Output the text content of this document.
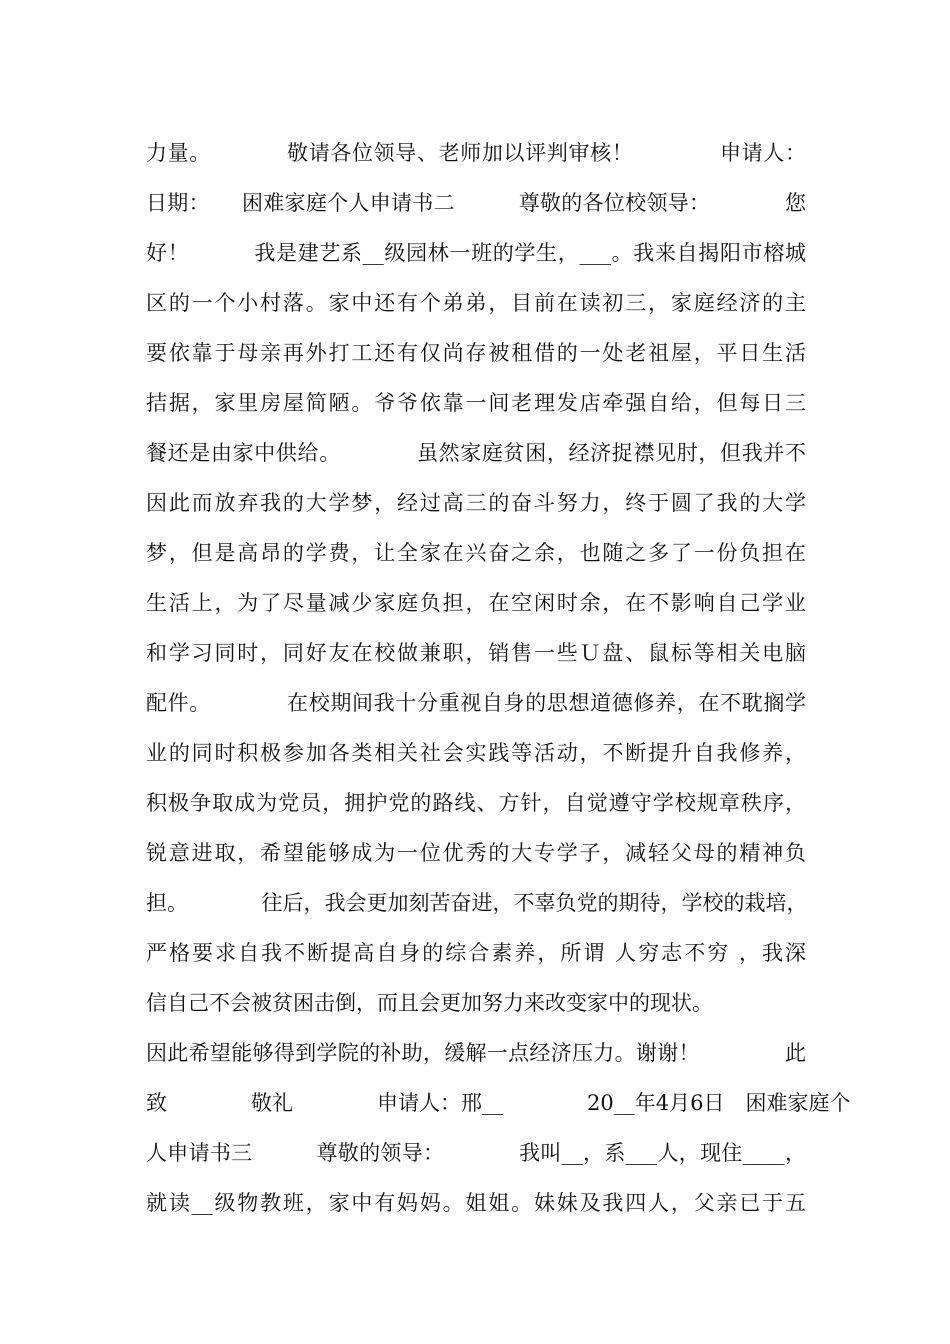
力量。　　　　敬请各位领导、老师加以评判审核！　　　　申请人：
日期：　　困难家庭个人申请书二　　　尊敬的各位校领导：　　　　您
好！　　　我是建艺系__级园林一班的学生，___。我来自揭阳市榕城
区的一个小村落。家中还有个弟弟，目前在读初三，家庭经济的主
要依靠于母亲再外打工还有仅尚存被租借的一处老祖屋，平日生活
拮据，家里房屋简陋。爷爷依靠一间老理发店牵强自给，但每日三
餐还是由家中供给。　　　　虽然家庭贫困，经济捉襟见肘，但我并不
因此而放弃我的大学梦，经过高三的奋斗努力，终于圆了我的大学
梦，但是高昂的学费，让全家在兴奋之余，也随之多了一份负担在
生活上，为了尽量减少家庭负担，在空闲时余，在不影响自己学业
和学习同时，同好友在校做兼职，销售一些Ｕ盘、鼠标等相关电脑
配件。　　　　在校期间我十分重视自身的思想道德修养，在不耽搁学
业的同时积极参加各类相关社会实践等活动，不断提升自我修养，
积极争取成为党员，拥护党的路线、方针，自觉遵守学校规章秩序，
锐意进取，希望能够成为一位优秀的大专学子，减轻父母的精神负
担。　　　　往后，我会更加刻苦奋进，不辜负党的期待，学校的栽培，
严格要求自我不断提高自身的综合素养，所谓 人穷志不穷 ，我深
信自己不会被贫困击倒，而且会更加努力来改变家中的现状。
因此希望能够得到学院的补助，缓解一点经济压力。谢谢！　　　　此
致　　　　敬礼　　　　申请人：邢__　　　　20__年4月6日　困难家庭个
人申请书三　　　尊敬的领导：　　　　我叫__，系___人，现住____，
就读__级物教班，家中有妈妈。姐姐。妹妹及我四人，父亲已于五
